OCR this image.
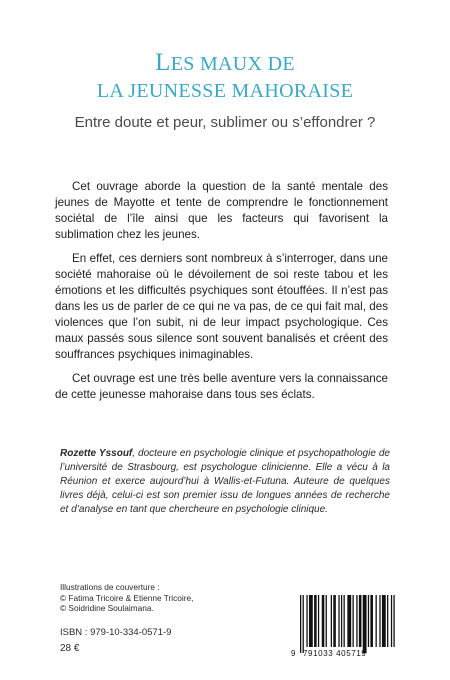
LES MAUX DE
LA JEUNESSE MAHORAISE

Entre doute et peur, sublimer ou s’effondrer ?

Cet ouvrage aborde la question de la santé mentale des jeunes de Mayotte et tente de comprendre le fonctionnement sociétal de l’île ainsi que les facteurs qui favorisent la sublimation chez les jeunes.

En effet, ces derniers sont nombreux à s’interroger, dans une société mahoraise où le dévoilement de soi reste tabou et les émotions et les difficultés psychiques sont étouffées. Il n’est pas dans les us de parler de ce qui ne va pas, de ce qui fait mal, des violences que l’on subit, ni de leur impact psychologique. Ces maux passés sous silence sont souvent banalisés et créent des souffrances psychiques inimaginables.

Cet ouvrage est une très belle aventure vers la connaissance de cette jeunesse mahoraise dans tous ses éclats.

Rozette Yssouf, docteure en psychologie clinique et psychopathologie de l’université de Strasbourg, est psychologue clinicienne. Elle a vécu à la Réunion et exerce aujourd’hui à Wallis-et-Futuna. Auteure de quelques livres déjà, celui-ci est son premier issu de longues années de recherche et d’analyse en tant que chercheure en psychologie clinique.
Illustrations de couverture :
© Fatima Tricoire & Etienne Tricoire,
© Soidridine Soulaimana.
ISBN : 979-10-334-0571-9
28 €	9 791033 405719
